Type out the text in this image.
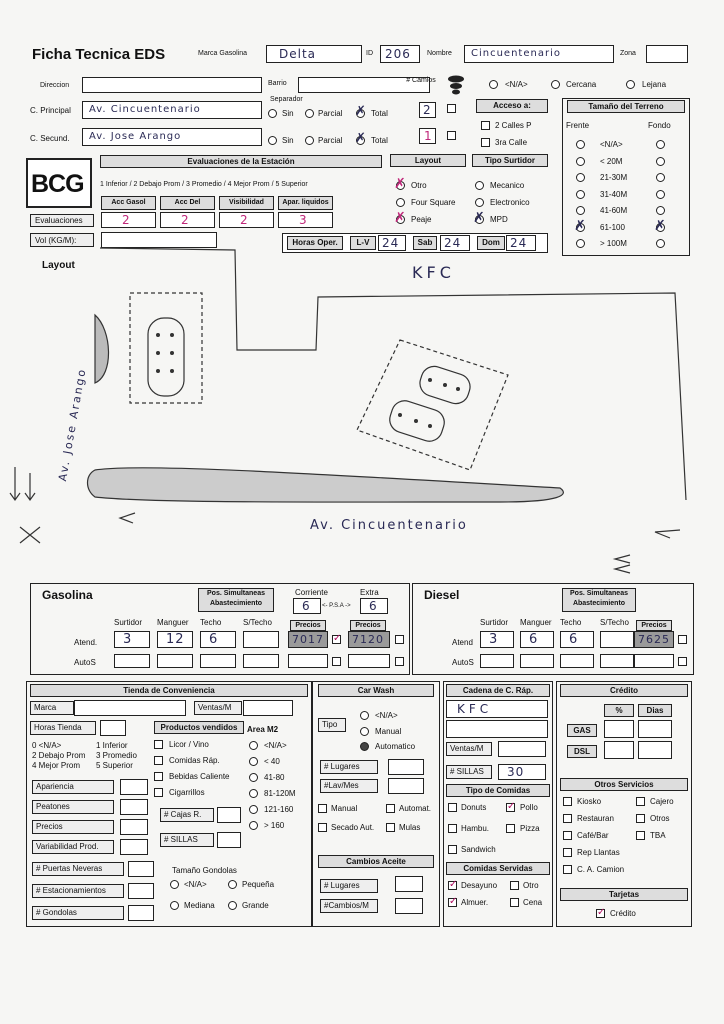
Ficha Tecnica EDS	Marca Gasolina	Delta	ID 206 Nombre Cincuentenario	Zona
Direccion	Barrio	# Camios	<N/A>	Cercana	Lejana
Separador
C. Principal Av. Cincuentenario	Sin	Parcial ✗ Total	2
C. Secund. Av. Jose Arango	Sin	Parcial ✗ Total	1
Acceso a:
2 Calles P
3ra Calle
Tamaño del Terreno
Frente	Fondo
<N/A>
< 20M
21-30M
31-40M
41-60M
61-100
✗	✗
> 100M
BCG
Evaluaciones de la Estación
1 Inferior / 2 Debajo Prom / 3 Promedio / 4 Mejor Prom / 5 Superior
Acc Gasol
2
Acc Del
2
Visibilidad
2
Apar. liquidos
3
Evaluaciones
Vol (KG/M):
Layout	Tipo Surtidor
✗ Otro
Four Square
✗ Peaje
Mecanico
Electronico
✗ MPD
Horas Oper.	L-V	24	Sab 24	Dom 24
Layout	KFC
Av. Cincuentenario
Av. Jose Arango
Gasolina	Pos. Simultaneas Abastecimiento
Corriente	Extra
6 <- P.S.A -> 6
Surtidor
3
Manguer
12
Techo
6
S/Techo
Atend.
AutoS
Precios
7017
✓
Precios
7120
Diesel	Pos. Simultaneas Abastecimiento
Surtidor
3
Manguer
6
Techo
6
S/Techo	Precios
Atend
AutoS
7625
Tienda de Conveniencia
Marca	Ventas/M
Horas Tienda	Productos vendidos	Area M2
0 <N/A>	1 Inferior
2 Debajo Prom 3 Promedio
4 Mejor Prom 5 Superior
Licor / Vino
Comidas Ráp.
Bebidas Caliente
Cigarrillos
<N/A>
< 40
41-80
81-120M
121-160
> 160
Apariencia
Peatones
Precios
Variabilidad Prod.
# Puertas Neveras
# Estacionamientos
# Gondolas
# Cajas R.
# SILLAS
Tamaño Gondolas
<N/A>	Pequeña
Mediana	Grande
Car Wash
Tipo
<N/A>
Manual
Automatico
# Lugares
#Lav/Mes
Manual	Automat.
Secado Aut.	Mulas
Cambios Aceite
# Lugares
#Cambios/M
Cadena de C. Ráp.
KFC
Ventas/M
# SILLAS 30
Tipo de Comidas
Donuts
✓	Pollo
Hambu.	Pizza
Sandwich
Comidas Servidas
✓
Desayuno	Otro
✓
Almuer.	Cena
Crédito
%	Dias
GAS
DSL
Otros Servicios
Kiosko	Cajero
Restauran	Otros
Café/Bar	TBA
Rep Llantas
C. A. Camion
Tarjetas
✓
Crédito
